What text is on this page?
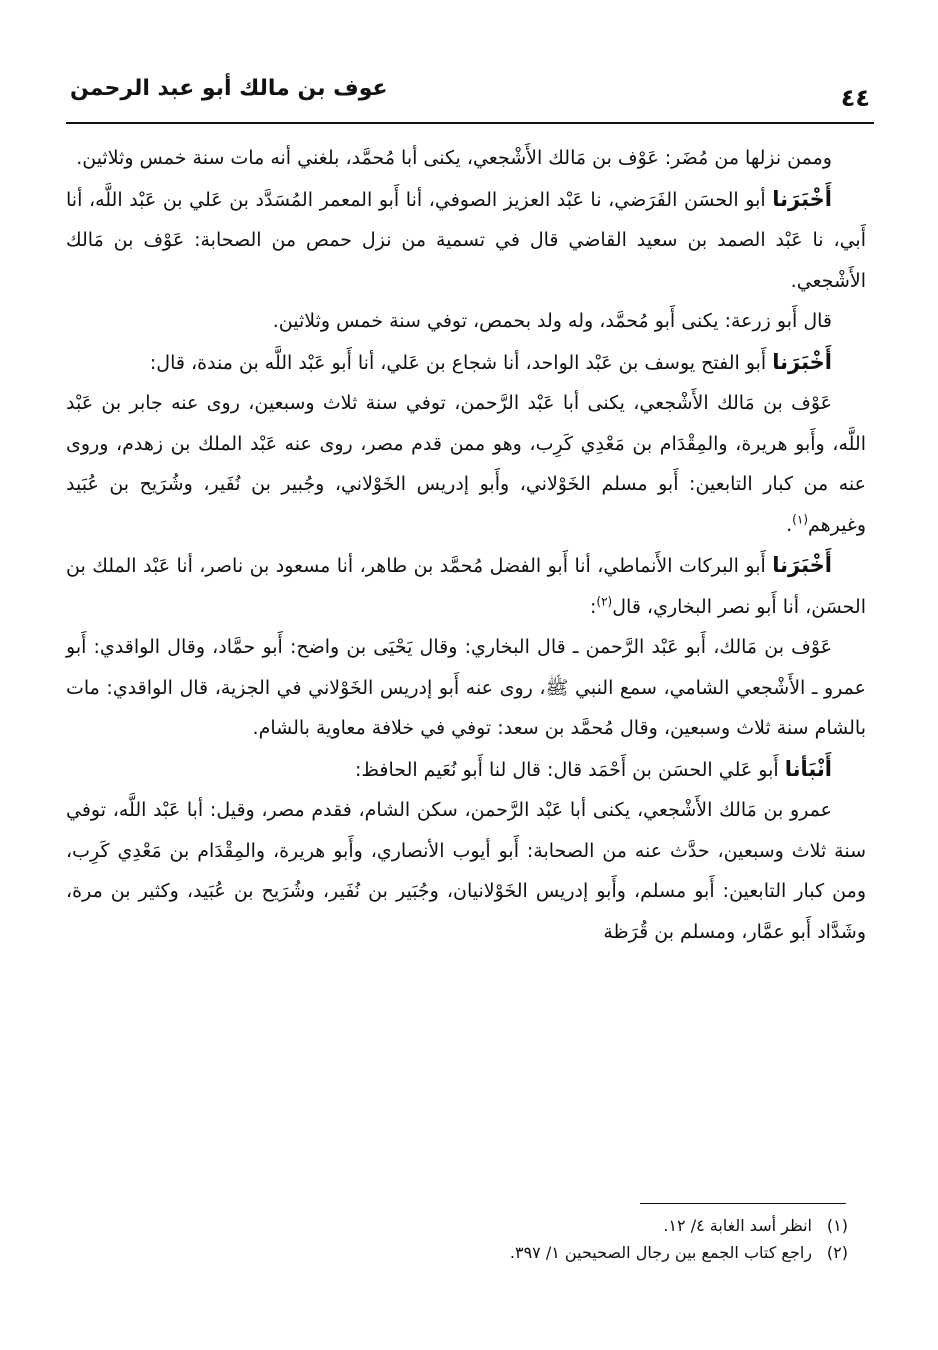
٤٤
عوف بن مالك أبو عبد الرحمن

وممن نزلها من مُضَر: عَوْف بن مَالك الأَشْجعي، يكنى أبا مُحمَّد، بلغني أنه مات سنة خمس وثلاثين.

أَخْبَرَنا أبو الحسَن الفَرَضي، نا عَبْد العزيز الصوفي، أنا أَبو المعمر المُسَدَّد بن عَلي بن عَبْد اللَّه، أنا أَبي، نا عَبْد الصمد بن سعيد القاضي قال في تسمية من نزل حمص من الصحابة: عَوْف بن مَالك الأَشْجعي.

قال أَبو زرعة: يكنى أَبو مُحمَّد، وله ولد بحمص، توفي سنة خمس وثلاثين.

أَخْبَرَنا أَبو الفتح يوسف بن عَبْد الواحد، أنا شجاع بن عَلي، أنا أَبو عَبْد اللَّه بن مندة، قال:

عَوْف بن مَالك الأَشْجعي، يكنى أبا عَبْد الرَّحمن، توفي سنة ثلاث وسبعين، روى عنه جابر بن عَبْد اللَّه، وأَبو هريرة، والمِقْدَام بن مَعْدِي كَرِب، وهو ممن قدم مصر، روى عنه عَبْد الملك بن زهدم، وروى عنه من كبار التابعين: أَبو مسلم الخَوْلاني، وأَبو إدريس الخَوْلاني، وجُبير بن نُفَير، وشُرَيح بن عُبَيد وغيرهم$^{(١)}$.

أَخْبَرَنا أَبو البركات الأَنماطي، أنا أَبو الفضل مُحمَّد بن طاهر، أنا مسعود بن ناصر، أنا عَبْد الملك بن الحسَن، أنا أَبو نصر البخاري، قال$^{(٢)}$:

عَوْف بن مَالك، أَبو عَبْد الرَّحمن ـ قال البخاري: وقال يَحْيَى بن واضح: أَبو حمَّاد، وقال الواقدي: أَبو عمرو ـ الأَشْجعي الشامي، سمع النبي ﷺ، روى عنه أَبو إدريس الخَوْلاني في الجزية، قال الواقدي: مات بالشام سنة ثلاث وسبعين، وقال مُحمَّد بن سعد: توفي في خلافة معاوية بالشام.

أَنْبَأنا أَبو عَلي الحسَن بن أَحْمَد قال: قال لنا أَبو نُعَيم الحافظ:

عمرو بن مَالك الأَشْجعي، يكنى أبا عَبْد الرَّحمن، سكن الشام، فقدم مصر، وقيل: أبا عَبْد اللَّه، توفي سنة ثلاث وسبعين، حدَّث عنه من الصحابة: أَبو أيوب الأنصاري، وأَبو هريرة، والمِقْدَام بن مَعْدِي كَرِب، ومن كبار التابعين: أَبو مسلم، وأَبو إدريس الخَوْلانيان، وجُبَير بن نُفَير، وشُرَيح بن عُبَيد، وكثير بن مرة، وشَدَّاد أَبو عمَّار، ومسلم بن قُرَظة

(١)انظر أسد الغابة ٤/ ١٢.
(٢)راجع كتاب الجمع بين رجال الصحيحين ١/ ٣٩٧.
